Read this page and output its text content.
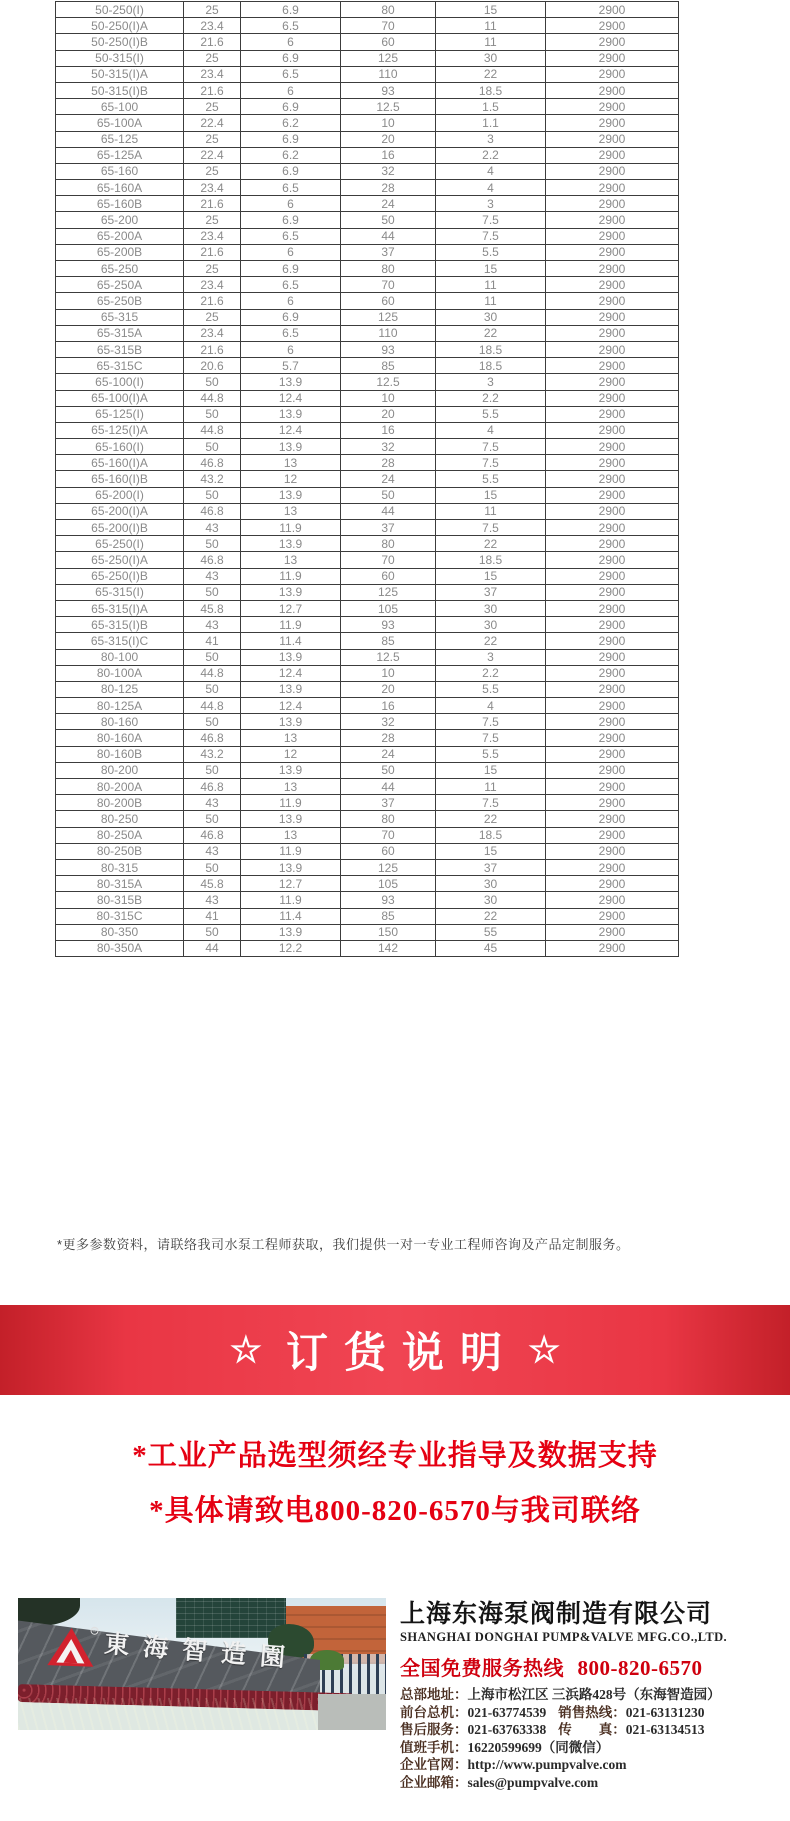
50-250(I)	25	6.9	80	15	2900
50-250(I)A	23.4	6.5	70	11	2900
50-250(I)B	21.6	6	60	11	2900
50-315(I)	25	6.9	125	30	2900
50-315(I)A	23.4	6.5	110	22	2900
50-315(I)B	21.6	6	93	18.5	2900
65-100	25	6.9	12.5	1.5	2900
65-100A	22.4	6.2	10	1.1	2900
65-125	25	6.9	20	3	2900
65-125A	22.4	6.2	16	2.2	2900
65-160	25	6.9	32	4	2900
65-160A	23.4	6.5	28	4	2900
65-160B	21.6	6	24	3	2900
65-200	25	6.9	50	7.5	2900
65-200A	23.4	6.5	44	7.5	2900
65-200B	21.6	6	37	5.5	2900
65-250	25	6.9	80	15	2900
65-250A	23.4	6.5	70	11	2900
65-250B	21.6	6	60	11	2900
65-315	25	6.9	125	30	2900
65-315A	23.4	6.5	110	22	2900
65-315B	21.6	6	93	18.5	2900
65-315C	20.6	5.7	85	18.5	2900
65-100(I)	50	13.9	12.5	3	2900
65-100(I)A	44.8	12.4	10	2.2	2900
65-125(I)	50	13.9	20	5.5	2900
65-125(I)A	44.8	12.4	16	4	2900
65-160(I)	50	13.9	32	7.5	2900
65-160(I)A	46.8	13	28	7.5	2900
65-160(I)B	43.2	12	24	5.5	2900
65-200(I)	50	13.9	50	15	2900
65-200(I)A	46.8	13	44	11	2900
65-200(I)B	43	11.9	37	7.5	2900
65-250(I)	50	13.9	80	22	2900
65-250(I)A	46.8	13	70	18.5	2900
65-250(I)B	43	11.9	60	15	2900
65-315(I)	50	13.9	125	37	2900
65-315(I)A	45.8	12.7	105	30	2900
65-315(I)B	43	11.9	93	30	2900
65-315(I)C	41	11.4	85	22	2900
80-100	50	13.9	12.5	3	2900
80-100A	44.8	12.4	10	2.2	2900
80-125	50	13.9	20	5.5	2900
80-125A	44.8	12.4	16	4	2900
80-160	50	13.9	32	7.5	2900
80-160A	46.8	13	28	7.5	2900
80-160B	43.2	12	24	5.5	2900
80-200	50	13.9	50	15	2900
80-200A	46.8	13	44	11	2900
80-200B	43	11.9	37	7.5	2900
80-250	50	13.9	80	22	2900
80-250A	46.8	13	70	18.5	2900
80-250B	43	11.9	60	15	2900
80-315	50	13.9	125	37	2900
80-315A	45.8	12.7	105	30	2900
80-315B	43	11.9	93	30	2900
80-315C	41	11.4	85	22	2900
80-350	50	13.9	150	55	2900
80-350A	44	12.2	142	45	2900

*更多参数资料，请联络我司水泵工程师获取，我们提供一对一专业工程师咨询及产品定制服务。

☆ 订货说明 ☆

*工业产品选型须经专业指导及数据支持

*具体请致电800-820-6570与我司联络

® 東海智造園
上海东海泵阀制造有限公司
SHANGHAI DONGHAI PUMP&VALVE MFG.CO.,LTD.
全国免费服务热线 800-820-6570
总部地址：上海市松江区 三浜路428号（东海智造园）
前台总机：021-63774539 销售热线：021-63131230
售后服务：021-63763338 传　　真：021-63134513
值班手机：16220599699（同微信）
企业官网：http://www.pumpvalve.com
企业邮箱：sales@pumpvalve.com
